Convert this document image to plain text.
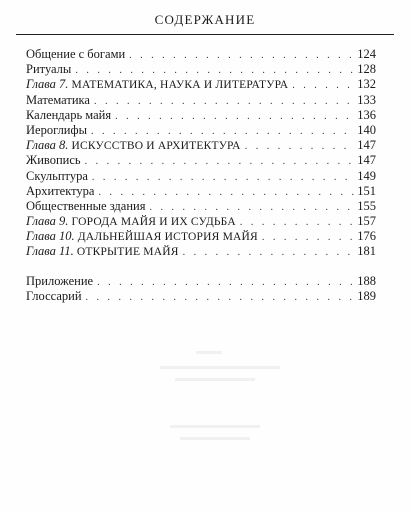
СОДЕРЖАНИЕ
Общение с богами . . .	124
Ритуалы . . .	128
Глава 7. МАТЕМАТИКА, НАУКА И ЛИТЕРАТУРА . . .	132
Математика . . .	133
Календарь майя . . .	136
Иероглифы . . .	140
Глава 8. ИСКУССТВО И АРХИТЕКТУРА . . .	147
Живопись . . .	147
Скульптура . . .	149
Архитектура . . .	151
Общественные здания . . .	155
Глава 9. ГОРОДА МАЙЯ И ИХ СУДЬБА . . .	157
Глава 10. ДАЛЬНЕЙШАЯ ИСТОРИЯ МАЙЯ . . .	176
Глава 11. ОТКРЫТИЕ МАЙЯ . . .	181
Приложение . . .	188
Глоссарий . . .	189
